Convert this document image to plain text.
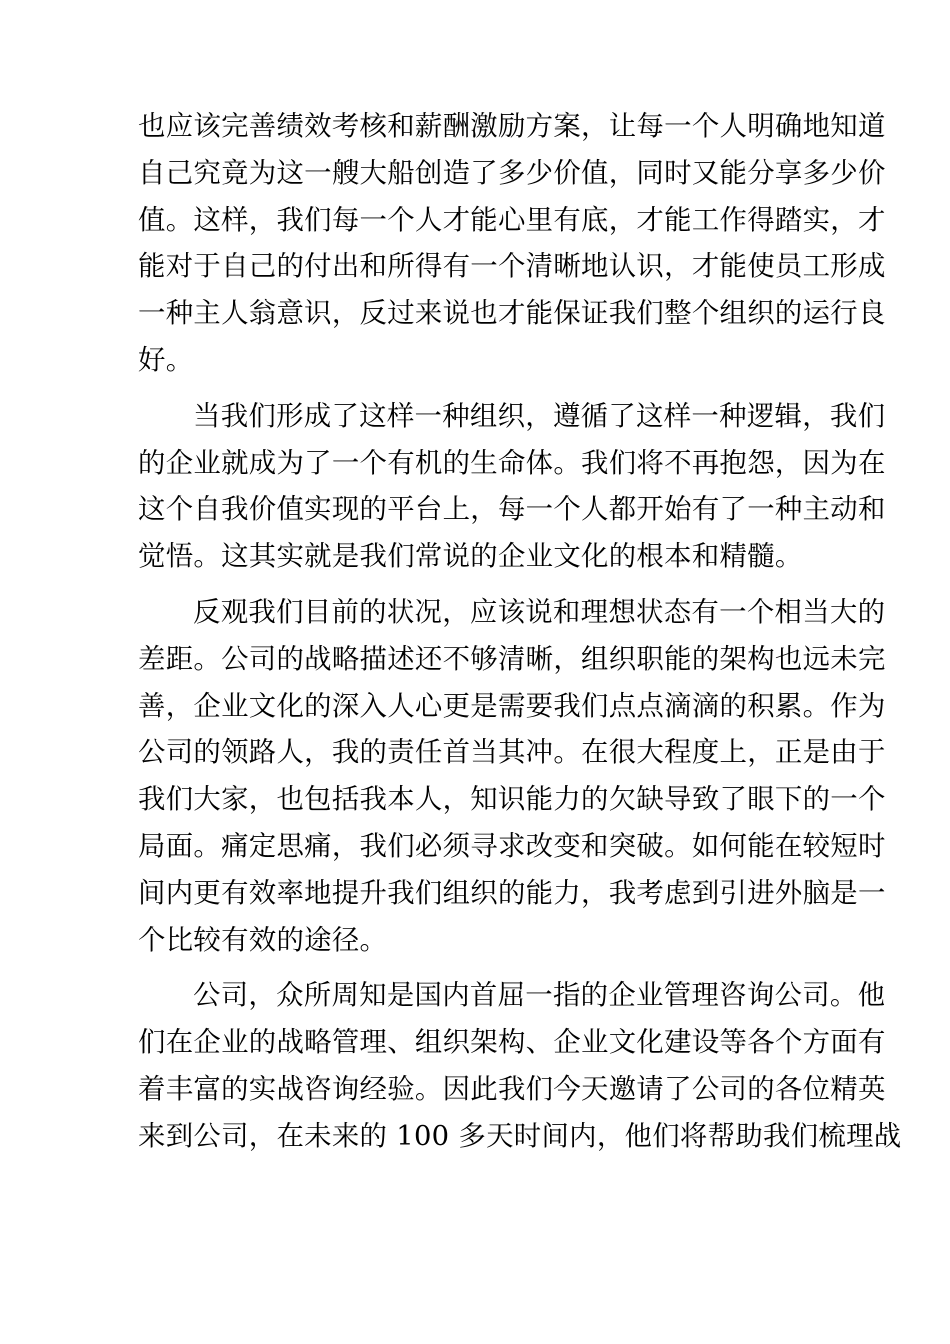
也应该完善绩效考核和薪酬激励方案，让每一个人明确地知道
自己究竟为这一艘大船创造了多少价值，同时又能分享多少价
值。这样，我们每一个人才能心里有底，才能工作得踏实，才
能对于自己的付出和所得有一个清晰地认识，才能使员工形成
一种主人翁意识，反过来说也才能保证我们整个组织的运行良
好。
当我们形成了这样一种组织，遵循了这样一种逻辑，我们
的企业就成为了一个有机的生命体。我们将不再抱怨，因为在
这个自我价值实现的平台上，每一个人都开始有了一种主动和
觉悟。这其实就是我们常说的企业文化的根本和精髓。
反观我们目前的状况，应该说和理想状态有一个相当大的
差距。公司的战略描述还不够清晰，组织职能的架构也远未完
善，企业文化的深入人心更是需要我们点点滴滴的积累。作为
公司的领路人，我的责任首当其冲。在很大程度上，正是由于
我们大家，也包括我本人，知识能力的欠缺导致了眼下的一个
局面。痛定思痛，我们必须寻求改变和突破。如何能在较短时
间内更有效率地提升我们组织的能力，我考虑到引进外脑是一
个比较有效的途径。
公司，众所周知是国内首屈一指的企业管理咨询公司。他
们在企业的战略管理、组织架构、企业文化建设等各个方面有
着丰富的实战咨询经验。因此我们今天邀请了公司的各位精英
来到公司，在未来的 100 多天时间内，他们将帮助我们梳理战
